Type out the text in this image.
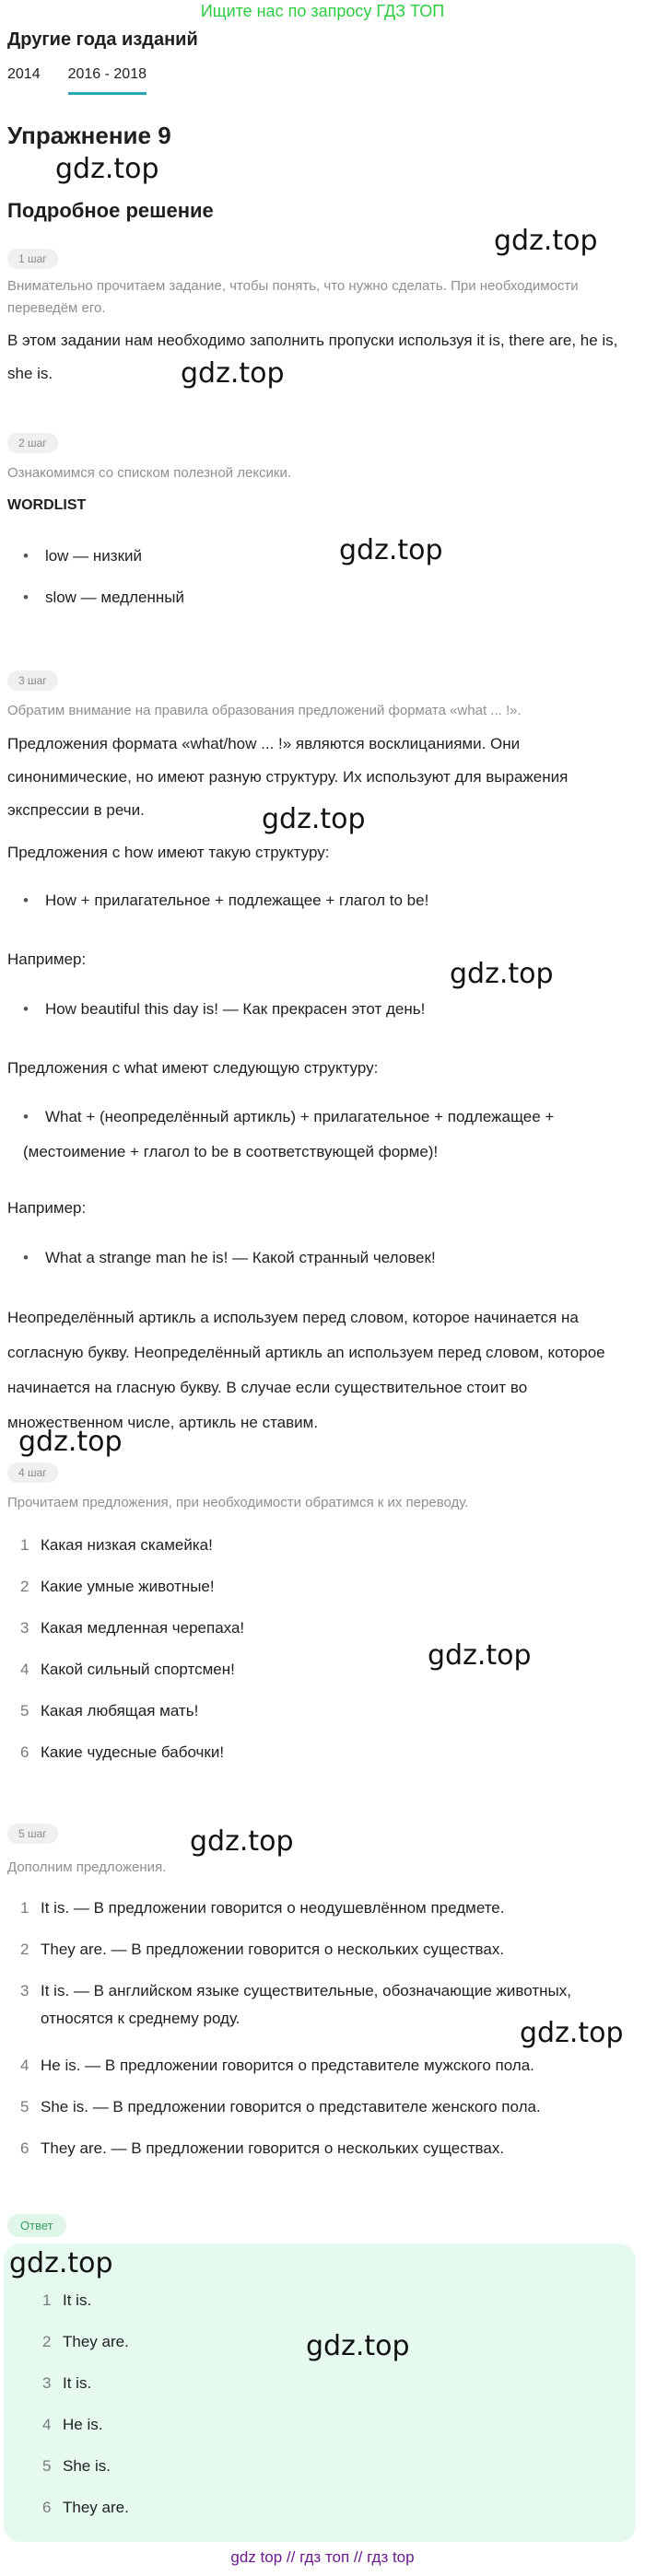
Ищите нас по запросу ГДЗ ТОП
Другие года изданий
2014 2016 - 2018
Упражнение 9
Подробное решение
1 шаг
Внимательно прочитаем задание, чтобы понять, что нужно сделать. При необходимости переведём его.
В этом задании нам необходимо заполнить пропуски используя it is, there are, he is, she is.
2 шаг
Ознакомимся со списком полезной лексики.
WORDLIST
• low — низкий
• slow — медленный
3 шаг
Обратим внимание на правила образования предложений формата «what ... !».
Предложения формата «what/how ... !» являются восклицаниями. Они синонимические, но имеют разную структуру. Их используют для выражения экспрессии в речи.
Предложения с how имеют такую структуру:
• How + прилагательное + подлежащее + глагол to be!
Например:
• How beautiful this day is! — Как прекрасен этот день!
Предложения с what имеют следующую структуру:
• What + (неопределённый артикль) + прилагательное + подлежащее + (местоимение + глагол to be в соответствующей форме)!
Например:
• What a strange man he is! — Какой странный человек!
Неопределённый артикль a используем перед словом, которое начинается на согласную букву. Неопределённый артикль an используем перед словом, которое начинается на гласную букву. В случае если существительное стоит во множественном числе, артикль не ставим.
4 шаг
Прочитаем предложения, при необходимости обратимся к их переводу.
1 Какая низкая скамейка!
2 Какие умные животные!
3 Какая медленная черепаха!
4 Какой сильный спортсмен!
5 Какая любящая мать!
6 Какие чудесные бабочки!
5 шаг
Дополним предложения.
1 It is. — В предложении говорится о неодушевлённом предмете.
2 They are. — В предложении говорится о нескольких существах.
3 It is. — В английском языке существительные, обозначающие животных,
относятся к среднему роду.
4 He is. — В предложении говорится о представителе мужского пола.
5 She is. — В предложении говорится о представителе женского пола.
6 They are. — В предложении говорится о нескольких существах.
Ответ
1 It is.
2 They are.
3 It is.
4 He is.
5 She is.
6 They are.
gdz.top
gdz.top
gdz.top
gdz.top
gdz.top
gdz.top
gdz.top
gdz.top
gdz.top
gdz.top
gdz.top
gdz.top
gdz top // гдз топ // гдз top
